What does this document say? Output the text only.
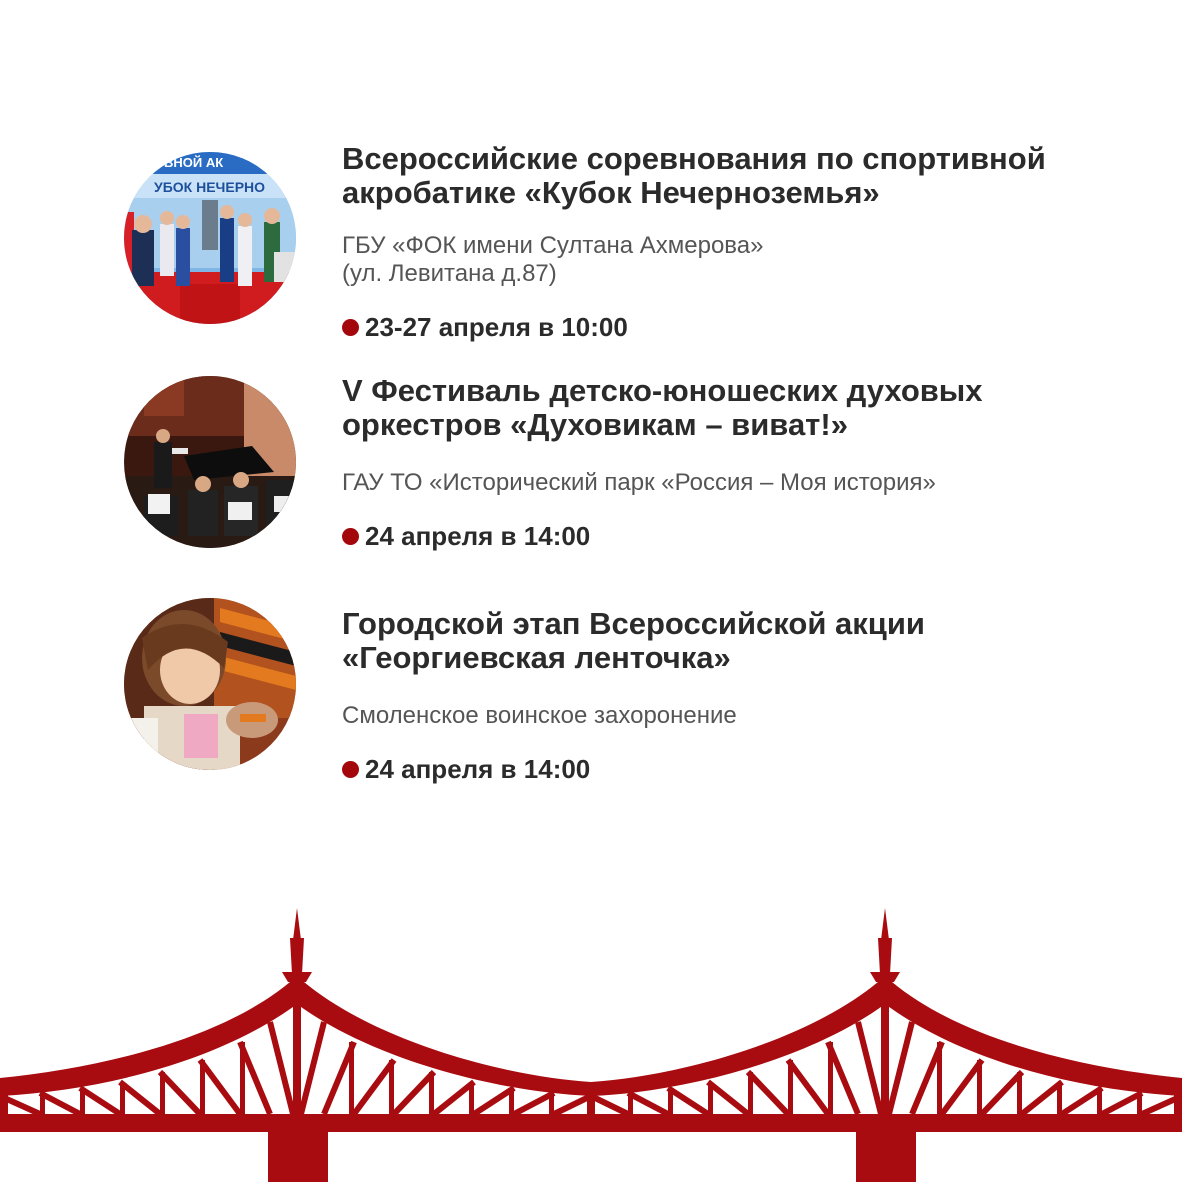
ВНОЙ АК
УБОК НЕЧЕРНО

Всероссийские соревнования по спортивной
акробатике «Кубок Нечерноземья»

ГБУ «ФОК имени Султана Ахмерова»
(ул. Левитана д.87)

23-27 апреля в 10:00

V Фестиваль детско-юношеских духовых
оркестров «Духовикам – виват!»

ГАУ ТО «Исторический парк «Россия – Моя история»

24 апреля в 14:00

Городской этап Всероссийской акции
«Георгиевская ленточка»

Смоленское воинское захоронение

24 апреля в 14:00
